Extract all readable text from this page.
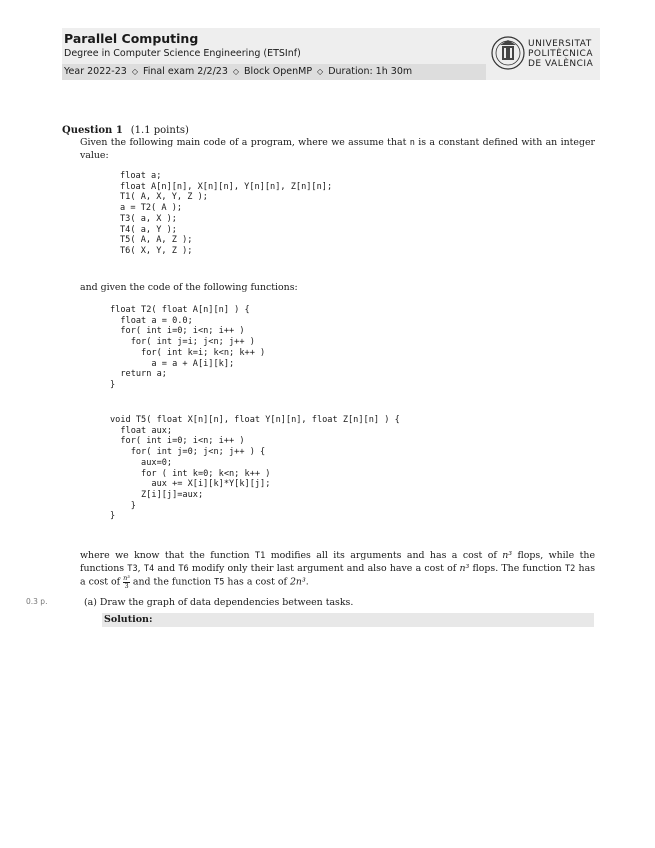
Parallel Computing
Degree in Computer Science Engineering (ETSInf)
Year 2022-23 ◇ Final exam 2/2/23 ◇ Block OpenMP ◇ Duration: 1h 30m
UNIVERSITAT
POLITÈCNICA
DE VALÈNCIA
Question 1 (1.1 points)
Given the following main code of a program, where we assume that n is a constant defined with an integer value:
float a;
float A[n][n], X[n][n], Y[n][n], Z[n][n];
T1( A, X, Y, Z );
a = T2( A );
T3( a, X );
T4( a, Y );
T5( A, A, Z );
T6( X, Y, Z );
and given the code of the following functions:
float T2( float A[n][n] ) {
float a = 0.0;
for( int i=0; i<n; i++ )
for( int j=i; j<n; j++ )
for( int k=i; k<n; k++ )
a = a + A[i][k];
return a;
}
void T5( float X[n][n], float Y[n][n], float Z[n][n] ) {
float aux;
for( int i=0; i<n; i++ )
for( int j=0; j<n; j++ ) {
aux=0;
for ( int k=0; k<n; k++ )
aux += X[i][k]*Y[k][j];
Z[i][j]=aux;
}
}
where we know that the function T1 modifies all its arguments and has a cost of n³ flops, while the functions T3, T4 and T6 modify only their last argument and also have a cost of n³ flops. The function T2 has a cost of $\frac{\text{n³}}{3}$ and the function T5 has a cost of 2n³.
0.3 p.	(a) Draw the graph of data dependencies between tasks.
Solution:
